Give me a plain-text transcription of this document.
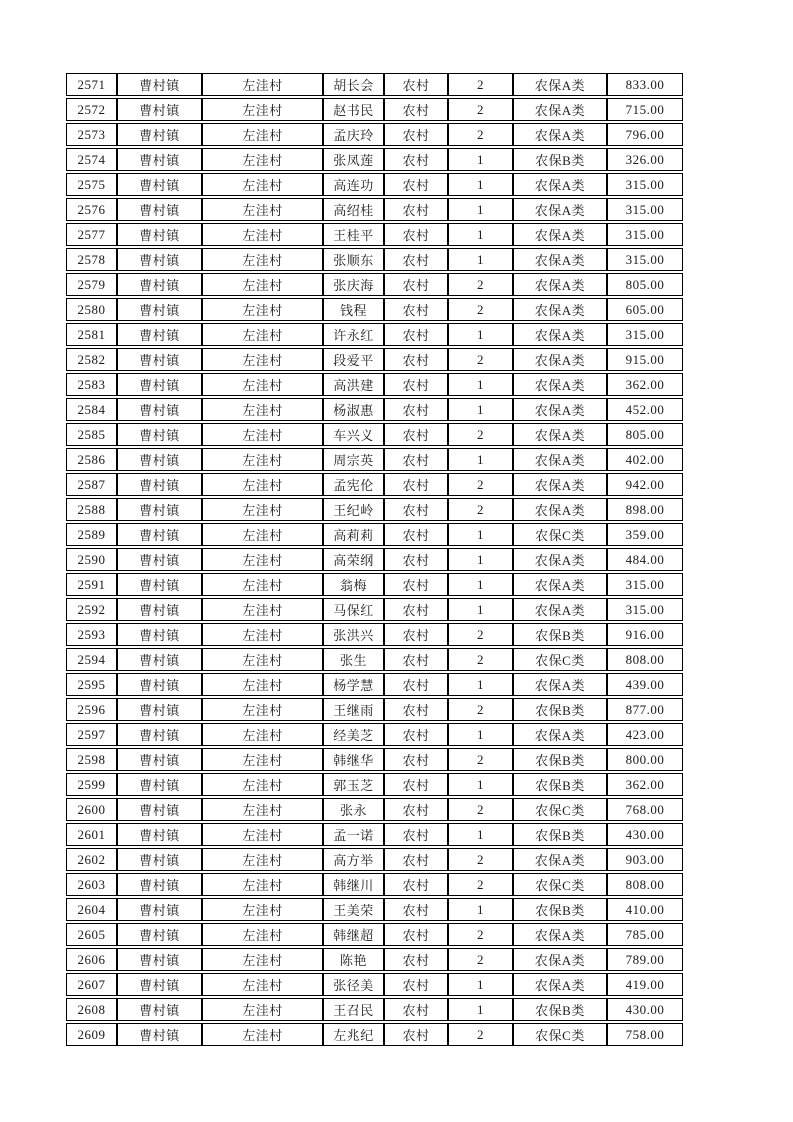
2571	曹村镇	左洼村	胡长会	农村	2	农保A类	833.00
2572	曹村镇	左洼村	赵书民	农村	2	农保A类	715.00
2573	曹村镇	左洼村	孟庆玲	农村	2	农保A类	796.00
2574	曹村镇	左洼村	张凤莲	农村	1	农保B类	326.00
2575	曹村镇	左洼村	高连功	农村	1	农保A类	315.00
2576	曹村镇	左洼村	高绍桂	农村	1	农保A类	315.00
2577	曹村镇	左洼村	王桂平	农村	1	农保A类	315.00
2578	曹村镇	左洼村	张顺东	农村	1	农保A类	315.00
2579	曹村镇	左洼村	张庆海	农村	2	农保A类	805.00
2580	曹村镇	左洼村	钱程	农村	2	农保A类	605.00
2581	曹村镇	左洼村	许永红	农村	1	农保A类	315.00
2582	曹村镇	左洼村	段爱平	农村	2	农保A类	915.00
2583	曹村镇	左洼村	高洪建	农村	1	农保A类	362.00
2584	曹村镇	左洼村	杨淑惠	农村	1	农保A类	452.00
2585	曹村镇	左洼村	车兴义	农村	2	农保A类	805.00
2586	曹村镇	左洼村	周宗英	农村	1	农保A类	402.00
2587	曹村镇	左洼村	孟宪伦	农村	2	农保A类	942.00
2588	曹村镇	左洼村	王纪岭	农村	2	农保A类	898.00
2589	曹村镇	左洼村	高莉莉	农村	1	农保C类	359.00
2590	曹村镇	左洼村	高荣纲	农村	1	农保A类	484.00
2591	曹村镇	左洼村	翁梅	农村	1	农保A类	315.00
2592	曹村镇	左洼村	马保红	农村	1	农保A类	315.00
2593	曹村镇	左洼村	张洪兴	农村	2	农保B类	916.00
2594	曹村镇	左洼村	张生	农村	2	农保C类	808.00
2595	曹村镇	左洼村	杨学慧	农村	1	农保A类	439.00
2596	曹村镇	左洼村	王继雨	农村	2	农保B类	877.00
2597	曹村镇	左洼村	经美芝	农村	1	农保A类	423.00
2598	曹村镇	左洼村	韩继华	农村	2	农保B类	800.00
2599	曹村镇	左洼村	郭玉芝	农村	1	农保B类	362.00
2600	曹村镇	左洼村	张永	农村	2	农保C类	768.00
2601	曹村镇	左洼村	孟一诺	农村	1	农保B类	430.00
2602	曹村镇	左洼村	高方举	农村	2	农保A类	903.00
2603	曹村镇	左洼村	韩继川	农村	2	农保C类	808.00
2604	曹村镇	左洼村	王美荣	农村	1	农保B类	410.00
2605	曹村镇	左洼村	韩继超	农村	2	农保A类	785.00
2606	曹村镇	左洼村	陈艳	农村	2	农保A类	789.00
2607	曹村镇	左洼村	张径美	农村	1	农保A类	419.00
2608	曹村镇	左洼村	王召民	农村	1	农保B类	430.00
2609	曹村镇	左洼村	左兆纪	农村	2	农保C类	758.00
